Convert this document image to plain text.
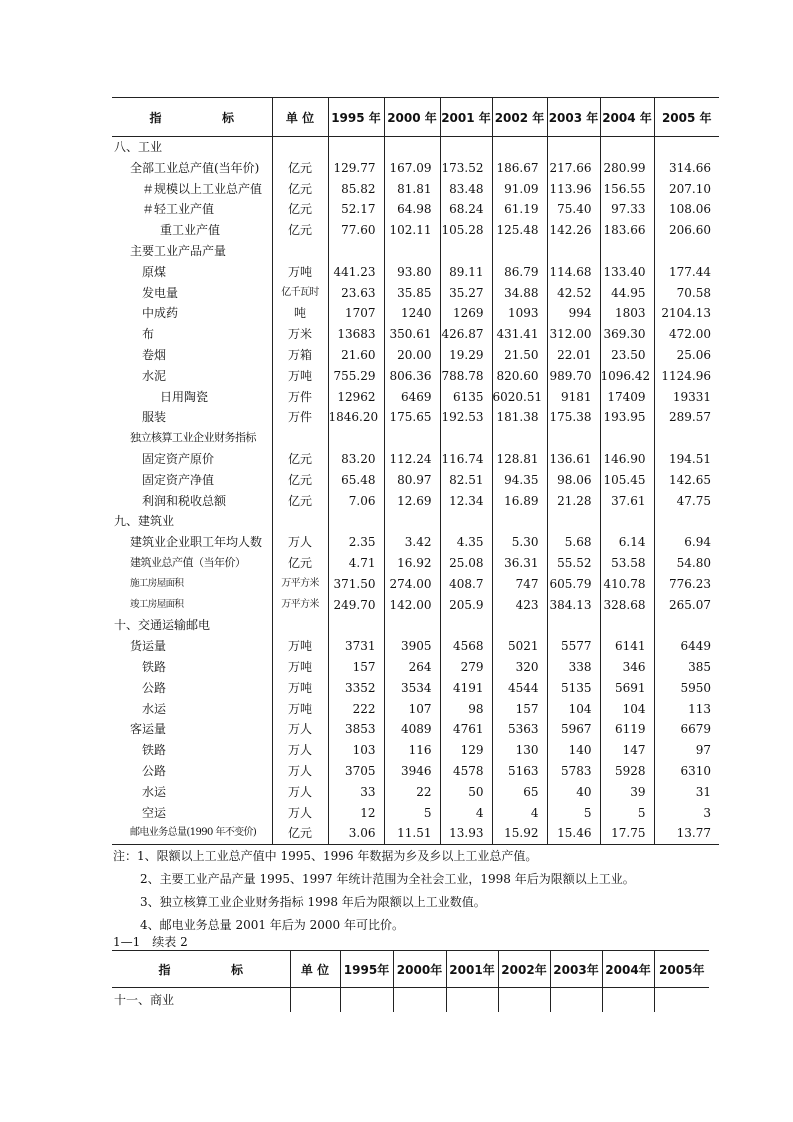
指 标	单 位	1995 年	2000 年	2001 年	2002 年	2003 年	2004 年	2005 年
八、工业								
全部工业总产值(当年价)	亿元	129.77	167.09	173.52	186.67	217.66	280.99	314.66
＃规模以上工业总产值	亿元	85.82	81.81	83.48	91.09	113.96	156.55	207.10
＃轻工业产值	亿元	52.17	64.98	68.24	61.19	75.40	97.33	108.06
重工业产值	亿元	77.60	102.11	105.28	125.48	142.26	183.66	206.60
主要工业产品产量								
原煤	万吨	441.23	93.80	89.11	86.79	114.68	133.40	177.44
发电量	亿千瓦时	23.63	35.85	35.27	34.88	42.52	44.95	70.58
中成药	吨	1707	1240	1269	1093	994	1803	2104.13
布	万米	13683	350.61	426.87	431.41	312.00	369.30	472.00
卷烟	万箱	21.60	20.00	19.29	21.50	22.01	23.50	25.06
水泥	万吨	755.29	806.36	788.78	820.60	989.70	1096.42	1124.96
日用陶瓷	万件	12962	6469	6135	6020.51	9181	17409	19331
服装	万件	1846.20	175.65	192.53	181.38	175.38	193.95	289.57
独立核算工业企业财务指标								
固定资产原价	亿元	83.20	112.24	116.74	128.81	136.61	146.90	194.51
固定资产净值	亿元	65.48	80.97	82.51	94.35	98.06	105.45	142.65
利润和税收总额	亿元	7.06	12.69	12.34	16.89	21.28	37.61	47.75
九、建筑业								
建筑业企业职工年均人数	万人	2.35	3.42	4.35	5.30	5.68	6.14	6.94
建筑业总产值（当年价）	亿元	4.71	16.92	25.08	36.31	55.52	53.58	54.80
施工房屋面积	万平方米	371.50	274.00	408.7	747	605.79	410.78	776.23
竣工房屋面积	万平方米	249.70	142.00	205.9	423	384.13	328.68	265.07
十、交通运输邮电								
货运量	万吨	3731	3905	4568	5021	5577	6141	6449
铁路	万吨	157	264	279	320	338	346	385
公路	万吨	3352	3534	4191	4544	5135	5691	5950
水运	万吨	222	107	98	157	104	104	113
客运量	万人	3853	4089	4761	5363	5967	6119	6679
铁路	万人	103	116	129	130	140	147	97
公路	万人	3705	3946	4578	5163	5783	5928	6310
水运	万人	33	22	50	65	40	39	31
空运	万人	12	5	4	4	5	5	3
邮电业务总量(1990 年不变价)	亿元	3.06	11.51	13.93	15.92	15.46	17.75	13.77
注：1、限额以上工业总产值中 1995、1996 年数据为乡及乡以上工业总产值。
2、主要工业产品产量 1995、1997 年统计范围为全社会工业，1998 年后为限额以上工业。
3、独立核算工业企业财务指标 1998 年后为限额以上工业数值。
4、邮电业务总量 2001 年后为 2000 年可比价。
1—1　续表 2
指 标	单 位	1995年	2000年	2001年	2002年	2003年	2004年	2005年
十一、商业								
